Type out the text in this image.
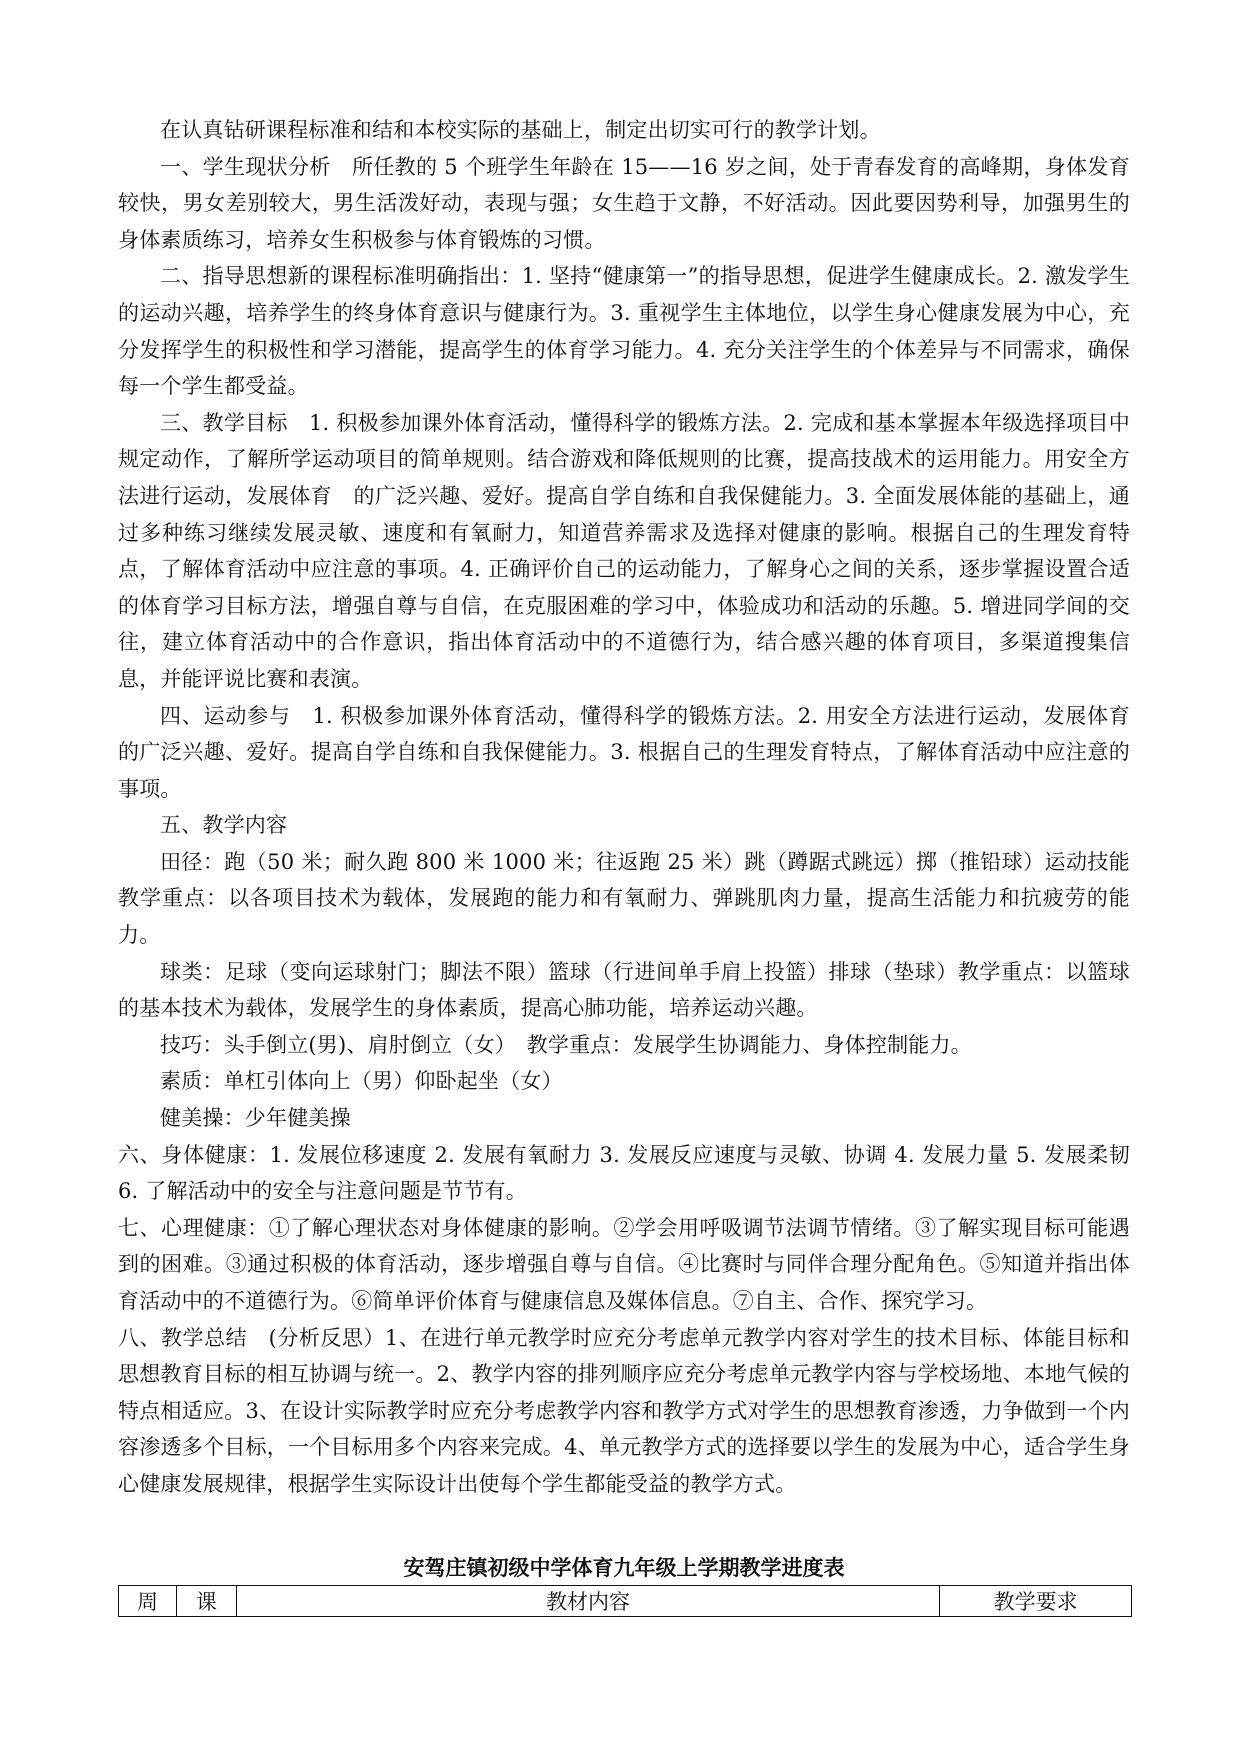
在认真钻研课程标准和结和本校实际的基础上，制定出切实可行的教学计划。

一、学生现状分析　所任教的 5 个班学生年龄在 15——16 岁之间，处于青春发育的高峰期，身体发育较快，男女差别较大，男生活泼好动，表现与强；女生趋于文静，不好活动。因此要因势利导，加强男生的身体素质练习，培养女生积极参与体育锻炼的习惯。

二、指导思想新的课程标准明确指出：1. 坚持“健康第一”的指导思想，促进学生健康成长。2. 激发学生的运动兴趣，培养学生的终身体育意识与健康行为。3. 重视学生主体地位，以学生身心健康发展为中心，充分发挥学生的积极性和学习潜能，提高学生的体育学习能力。4. 充分关注学生的个体差异与不同需求，确保每一个学生都受益。

三、教学目标　1. 积极参加课外体育活动，懂得科学的锻炼方法。2. 完成和基本掌握本年级选择项目中规定动作，了解所学运动项目的简单规则。结合游戏和降低规则的比赛，提高技战术的运用能力。用安全方法进行运动，发展体育　的广泛兴趣、爱好。提高自学自练和自我保健能力。3. 全面发展体能的基础上，通过多种练习继续发展灵敏、速度和有氧耐力，知道营养需求及选择对健康的影响。根据自己的生理发育特点，了解体育活动中应注意的事项。4. 正确评价自己的运动能力，了解身心之间的关系，逐步掌握设置合适的体育学习目标方法，增强自尊与自信，在克服困难的学习中，体验成功和活动的乐趣。5. 增进同学间的交往，建立体育活动中的合作意识，指出体育活动中的不道德行为，结合感兴趣的体育项目，多渠道搜集信息，并能评说比赛和表演。

四、运动参与　1. 积极参加课外体育活动，懂得科学的锻炼方法。2. 用安全方法进行运动，发展体育　的广泛兴趣、爱好。提高自学自练和自我保健能力。3. 根据自己的生理发育特点，了解体育活动中应注意的事项。

五、教学内容

田径：跑（50 米；耐久跑 800 米 1000 米；往返跑 25 米）跳（蹲踞式跳远）掷（推铅球）运动技能　教学重点：以各项目技术为载体，发展跑的能力和有氧耐力、弹跳肌肉力量，提高生活能力和抗疲劳的能力。

球类：足球（变向运球射门；脚法不限）篮球（行进间单手肩上投篮）排球（垫球）教学重点：以篮球的基本技术为载体，发展学生的身体素质，提高心肺功能，培养运动兴趣。

技巧：头手倒立(男)、肩肘倒立（女）　教学重点：发展学生协调能力、身体控制能力。

素质：单杠引体向上（男）仰卧起坐（女）

健美操：少年健美操

六、身体健康：1. 发展位移速度 2. 发展有氧耐力 3. 发展反应速度与灵敏、协调 4. 发展力量 5. 发展柔韧 6. 了解活动中的安全与注意问题是节节有。

七、心理健康：①了解心理状态对身体健康的影响。②学会用呼吸调节法调节情绪。③了解实现目标可能遇到的困难。③通过积极的体育活动，逐步增强自尊与自信。④比赛时与同伴合理分配角色。⑤知道并指出体育活动中的不道德行为。⑥简单评价体育与健康信息及媒体信息。⑦自主、合作、探究学习。

八、教学总结　(分析反思）1、在进行单元教学时应充分考虑单元教学内容对学生的技术目标、体能目标和思想教育目标的相互协调与统一。2、教学内容的排列顺序应充分考虑单元教学内容与学校场地、本地气候的特点相适应。3、在设计实际教学时应充分考虑教学内容和教学方式对学生的思想教育渗透，力争做到一个内容渗透多个目标，一个目标用多个内容来完成。4、单元教学方式的选择要以学生的发展为中心，适合学生身心健康发展规律，根据学生实际设计出使每个学生都能受益的教学方式。

安驾庄镇初级中学体育九年级上学期教学进度表
周	课	教材内容	教学要求
